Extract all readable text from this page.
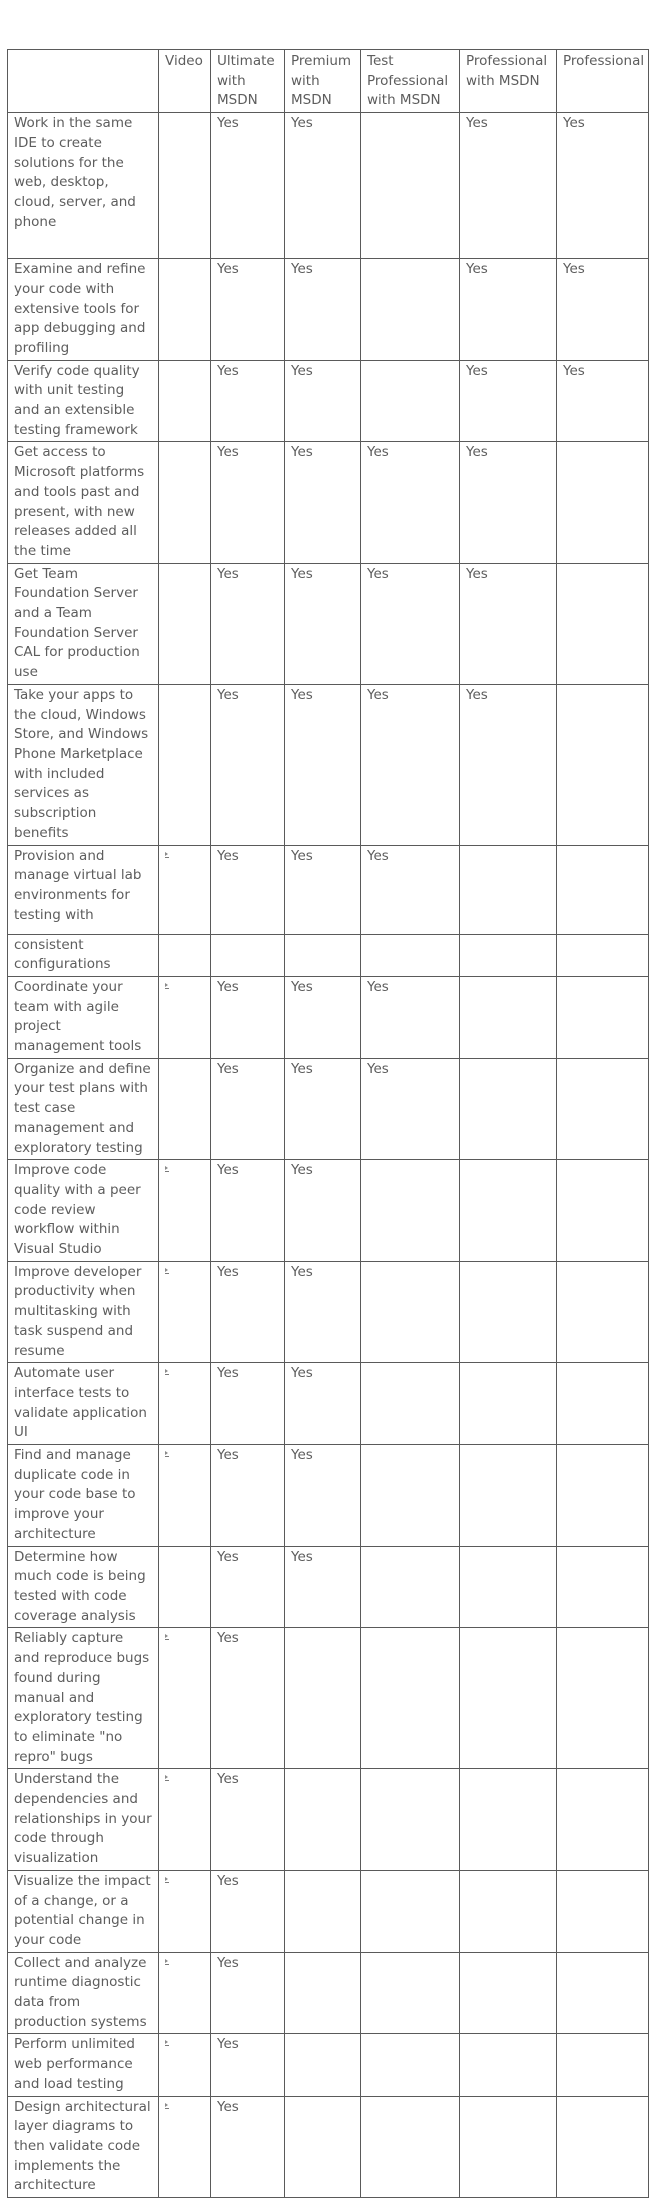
	Video	Ultimate with MSDN	Premium with MSDN	Test Professional with MSDN	Professional with MSDN	Professional
Work in the same IDE to create solutions for the web, desktop, cloud, server, and phone		Yes	Yes		Yes	Yes
Examine and refine your code with extensive tools for app debugging and profiling		Yes	Yes		Yes	Yes
Verify code quality with unit testing and an extensible testing framework		Yes	Yes		Yes	Yes
Get access to Microsoft platforms and tools past and present, with new releases added all the time		Yes	Yes	Yes	Yes	
Get Team Foundation Server and a Team Foundation Server CAL for production use		Yes	Yes	Yes	Yes	
Take your apps to the cloud, Windows Store, and Windows Phone Marketplace with included services as subscription benefits		Yes	Yes	Yes	Yes	
Provision and manage virtual lab environments for testing with		Yes	Yes	Yes		
consistent configurations						
Coordinate your team with agile project management tools		Yes	Yes	Yes		
Organize and define your test plans with test case management and exploratory testing		Yes	Yes	Yes		
Improve code quality with a peer code review workflow within Visual Studio		Yes	Yes			
Improve developer productivity when multitasking with task suspend and resume		Yes	Yes			
Automate user interface tests to validate application UI		Yes	Yes			
Find and manage duplicate code in your code base to improve your architecture		Yes	Yes			
Determine how much code is being tested with code coverage analysis		Yes	Yes			
Reliably capture and reproduce bugs found during manual and exploratory testing to eliminate "no repro" bugs		Yes				
Understand the dependencies and relationships in your code through visualization		Yes				
Visualize the impact of a change, or a potential change in your code		Yes				
Collect and analyze runtime diagnostic data from production systems		Yes				
Perform unlimited web performance and load testing		Yes				
Design architectural layer diagrams to then validate code implements the architecture		Yes				
